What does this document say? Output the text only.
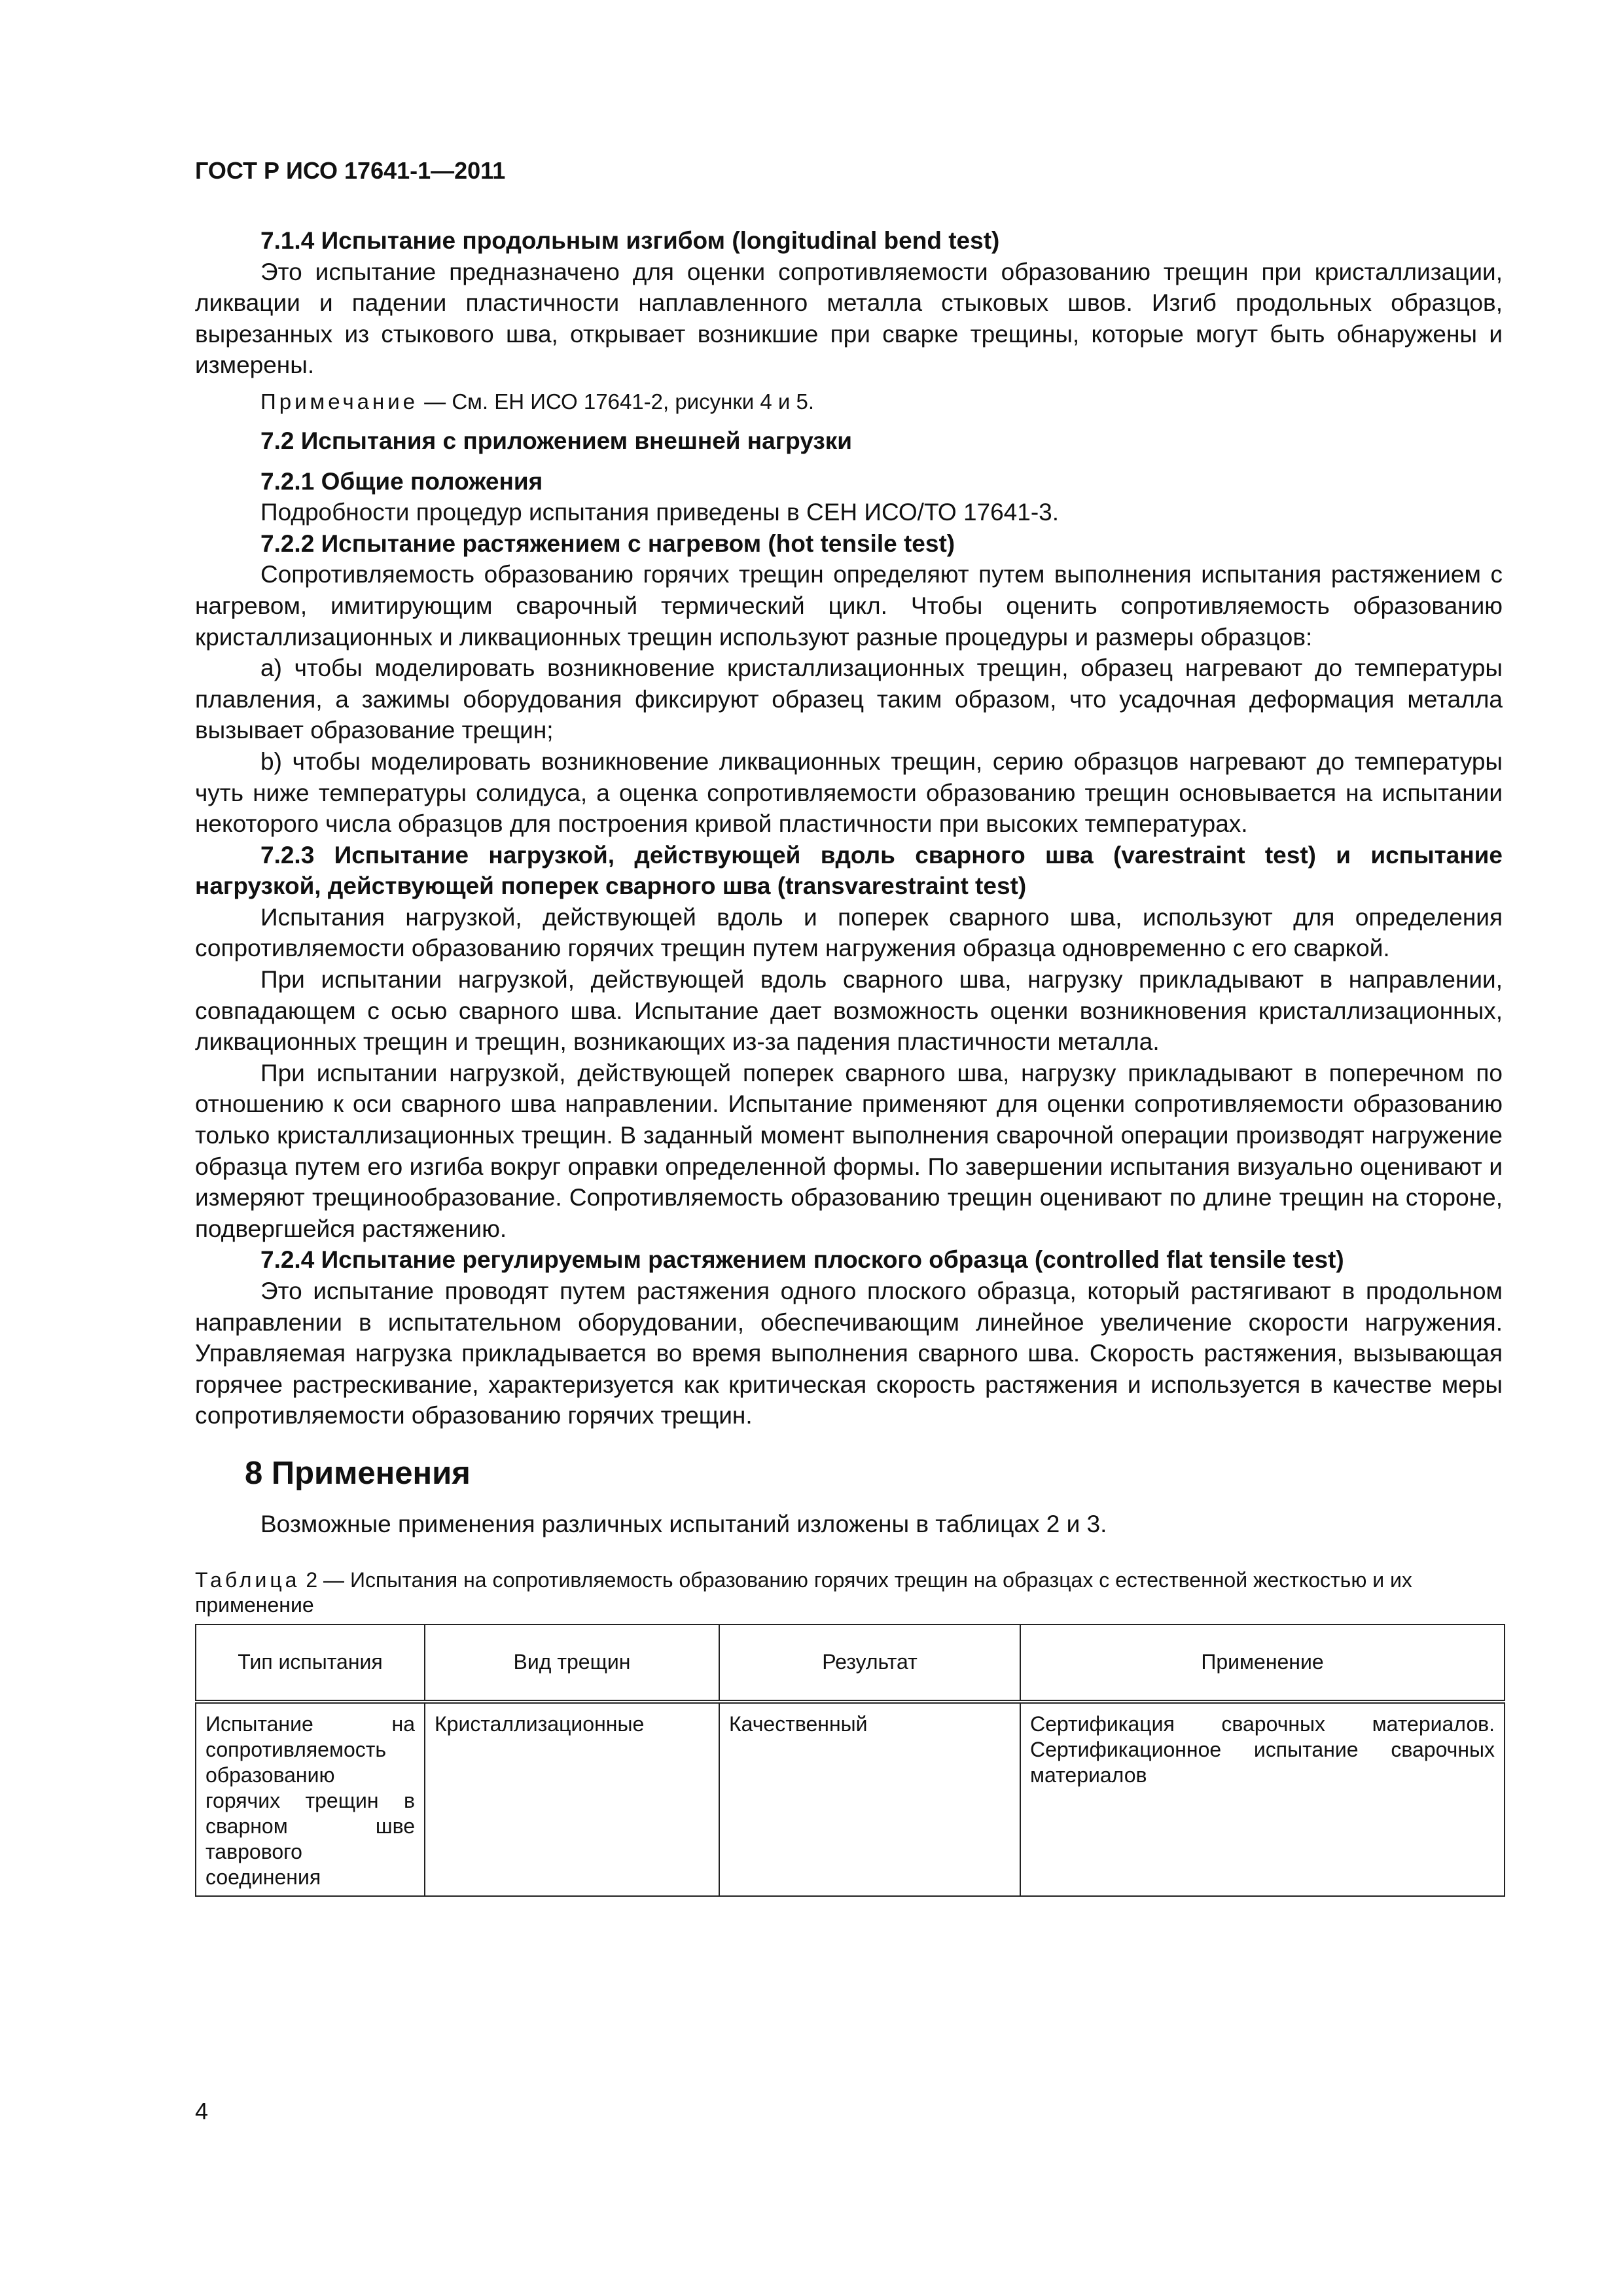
ГОСТ Р ИСО 17641-1—2011
7.1.4 Испытание продольным изгибом (longitudinal bend test)

Это испытание предназначено для оценки сопротивляемости образованию трещин при кристаллизации, ликвации и падении пластичности наплавленного металла стыковых швов. Изгиб продольных образцов, вырезанных из стыкового шва, открывает возникшие при сварке трещины, которые могут быть обнаружены и измерены.

Примечание — См. ЕН ИСО 17641-2, рисунки 4 и 5.

7.2 Испытания с приложением внешней нагрузки
7.2.1 Общие положения

Подробности процедур испытания приведены в СЕН ИСО/ТО 17641-3.

7.2.2 Испытание растяжением с нагревом (hot tensile test)

Сопротивляемость образованию горячих трещин определяют путем выполнения испытания растяжением с нагревом, имитирующим сварочный термический цикл. Чтобы оценить сопротивляемость образованию кристаллизационных и ликвационных трещин используют разные процедуры и размеры образцов:

a) чтобы моделировать возникновение кристаллизационных трещин, образец нагревают до температуры плавления, а зажимы оборудования фиксируют образец таким образом, что усадочная деформация металла вызывает образование трещин;

b) чтобы моделировать возникновение ликвационных трещин, серию образцов нагревают до температуры чуть ниже температуры солидуса, а оценка сопротивляемости образованию трещин основывается на испытании некоторого числа образцов для построения кривой пластичности при высоких температурах.

7.2.3 Испытание нагрузкой, действующей вдоль сварного шва (varestraint test) и испытание нагрузкой, действующей поперек сварного шва (transvarestraint test)

Испытания нагрузкой, действующей вдоль и поперек сварного шва, используют для определения сопротивляемости образованию горячих трещин путем нагружения образца одновременно с его сваркой.

При испытании нагрузкой, действующей вдоль сварного шва, нагрузку прикладывают в направлении, совпадающем с осью сварного шва. Испытание дает возможность оценки возникновения кристаллизационных, ликвационных трещин и трещин, возникающих из-за падения пластичности металла.

При испытании нагрузкой, действующей поперек сварного шва, нагрузку прикладывают в поперечном по отношению к оси сварного шва направлении. Испытание применяют для оценки сопротивляемости образованию только кристаллизационных трещин. В заданный момент выполнения сварочной операции производят нагружение образца путем его изгиба вокруг оправки определенной формы. По завершении испытания визуально оценивают и измеряют трещинообразование. Сопротивляемость образованию трещин оценивают по длине трещин на стороне, подвергшейся растяжению.

7.2.4 Испытание регулируемым растяжением плоского образца (controlled flat tensile test)

Это испытание проводят путем растяжения одного плоского образца, который растягивают в продольном направлении в испытательном оборудовании, обеспечивающим линейное увеличение скорости нагружения. Управляемая нагрузка прикладывается во время выполнения сварного шва. Скорость растяжения, вызывающая горячее растрескивание, характеризуется как критическая скорость растяжения и используется в качестве меры сопротивляемости образованию горячих трещин.

8 Применения

Возможные применения различных испытаний изложены в таблицах 2 и 3.

Таблица 2 — Испытания на сопротивляемость образованию горячих трещин на образцах с естественной жесткостью и их применение
Тип испытания	Вид трещин	Результат	Применение
Испытание на сопротивляемость образованию горячих трещин в сварном шве таврового соединения	Кристаллизационные	Качественный	Сертификация сварочных материалов. Сертификационное испытание сварочных материалов
4
